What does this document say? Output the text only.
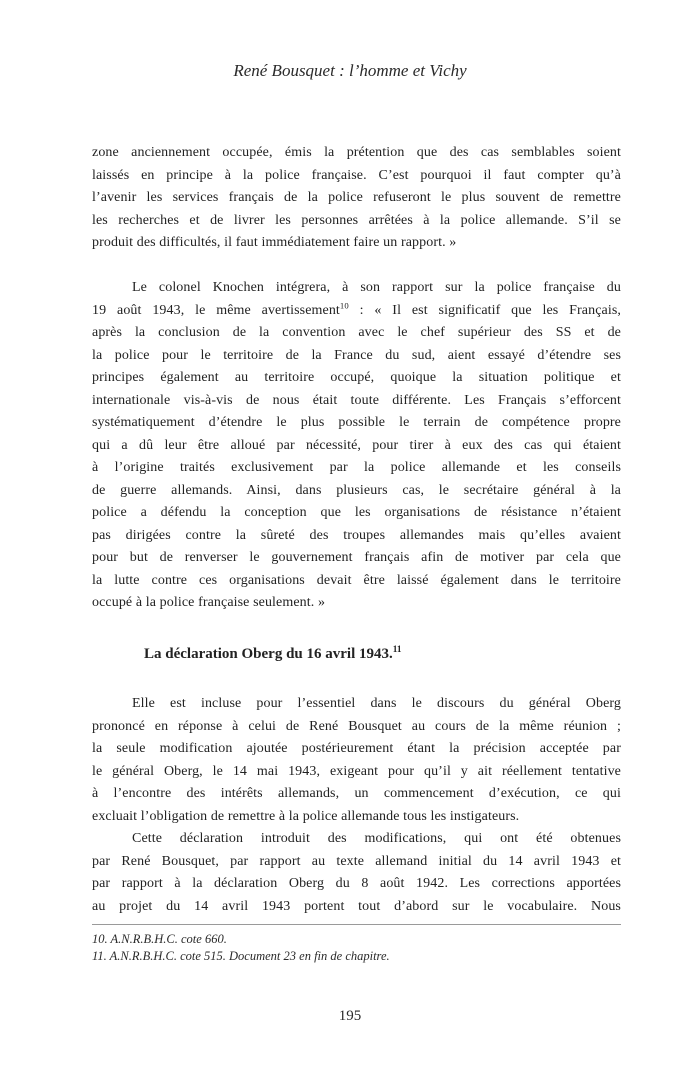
René Bousquet : l’homme et Vichy
zone anciennement occupée, émis la prétention que des cas semblables soient
laissés en principe à la police française. C’est pourquoi il faut compter qu’à
l’avenir les services français de la police refuseront le plus souvent de remettre
les recherches et de livrer les personnes arrêtées à la police allemande. S’il se
produit des difficultés, il faut immédiatement faire un rapport. »
Le colonel Knochen intégrera, à son rapport sur la police française du
19 août 1943, le même avertissement$^{10}$ : « Il est significatif que les Français,
après la conclusion de la convention avec le chef supérieur des SS et de
la police pour le territoire de la France du sud, aient essayé d’étendre ses
principes également au territoire occupé, quoique la situation politique et
internationale vis-à-vis de nous était toute différente. Les Français s’efforcent
systématiquement d’étendre le plus possible le terrain de compétence propre
qui a dû leur être alloué par nécessité, pour tirer à eux des cas qui étaient
à l’origine traités exclusivement par la police allemande et les conseils
de guerre allemands. Ainsi, dans plusieurs cas, le secrétaire général à la
police a défendu la conception que les organisations de résistance n’étaient
pas dirigées contre la sûreté des troupes allemandes mais qu’elles avaient
pour but de renverser le gouvernement français afin de motiver par cela que
la lutte contre ces organisations devait être laissé également dans le territoire
occupé à la police française seulement. »
La déclaration Oberg du 16 avril 1943.11
Elle est incluse pour l’essentiel dans le discours du général Oberg
prononcé en réponse à celui de René Bousquet au cours de la même réunion ;
la seule modification ajoutée postérieurement étant la précision acceptée par
le général Oberg, le 14 mai 1943, exigeant pour qu’il y ait réellement tentative
à l’encontre des intérêts allemands, un commencement d’exécution, ce qui
excluait l’obligation de remettre à la police allemande tous les instigateurs.
Cette déclaration introduit des modifications, qui ont été obtenues
par René Bousquet, par rapport au texte allemand initial du 14 avril 1943 et
par rapport à la déclaration Oberg du 8 août 1942. Les corrections apportées
au projet du 14 avril 1943 portent tout d’abord sur le vocabulaire. Nous
10. A.N.R.B.H.C. cote 660.
11. A.N.R.B.H.C. cote 515. Document 23 en fin de chapitre.
195
